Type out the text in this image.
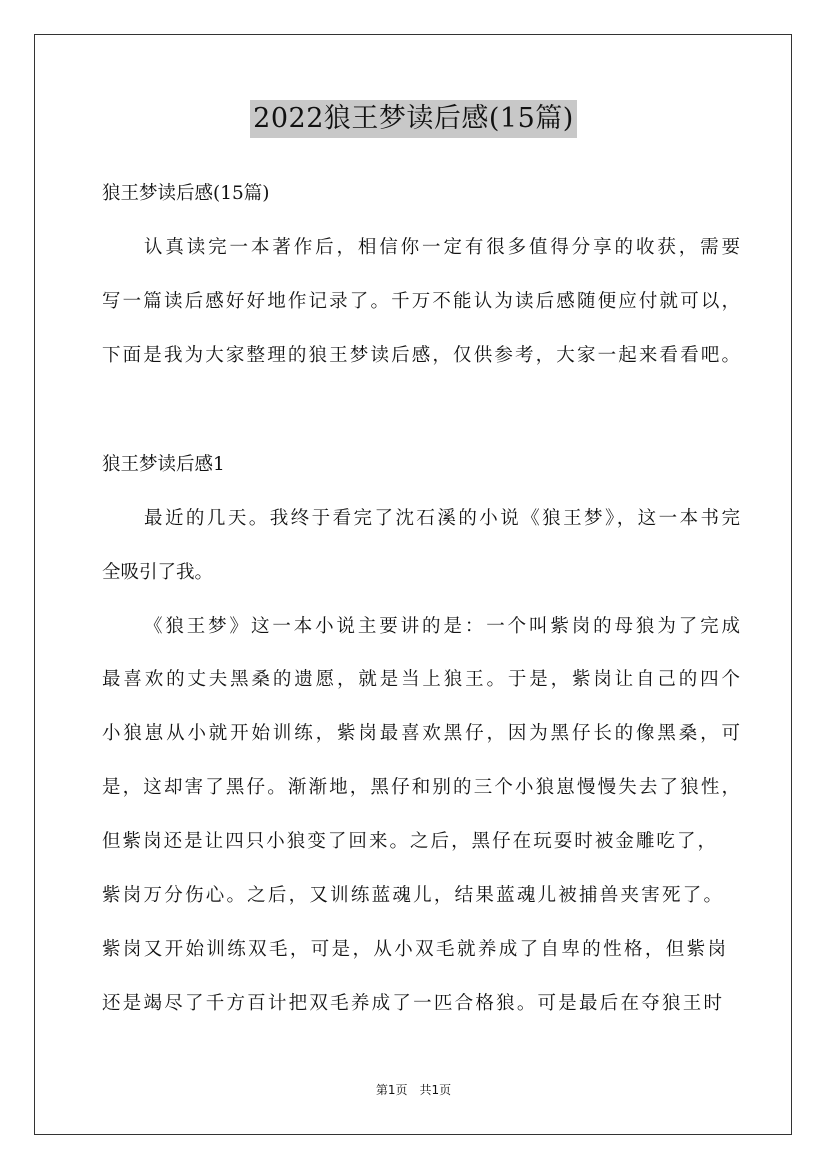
2022狼王梦读后感(15篇)
狼王梦读后感(15篇)
认真读完一本著作后，相信你一定有很多值得分享的收获，需要
写一篇读后感好好地作记录了。千万不能认为读后感随便应付就可以，
下面是我为大家整理的狼王梦读后感，仅供参考，大家一起来看看吧。
狼王梦读后感1
最近的几天。我终于看完了沈石溪的小说《狼王梦》，这一本书完
全吸引了我。
《狼王梦》这一本小说主要讲的是：一个叫紫岗的母狼为了完成
最喜欢的丈夫黑桑的遗愿，就是当上狼王。于是，紫岗让自己的四个
小狼崽从小就开始训练，紫岗最喜欢黑仔，因为黑仔长的像黑桑，可
是，这却害了黑仔。渐渐地，黑仔和别的三个小狼崽慢慢失去了狼性，
但紫岗还是让四只小狼变了回来。之后，黑仔在玩耍时被金雕吃了，
紫岗万分伤心。之后，又训练蓝魂儿，结果蓝魂儿被捕兽夹害死了。
紫岗又开始训练双毛，可是，从小双毛就养成了自卑的性格，但紫岗
还是竭尽了千方百计把双毛养成了一匹合格狼。可是最后在夺狼王时
第1页 共1页
